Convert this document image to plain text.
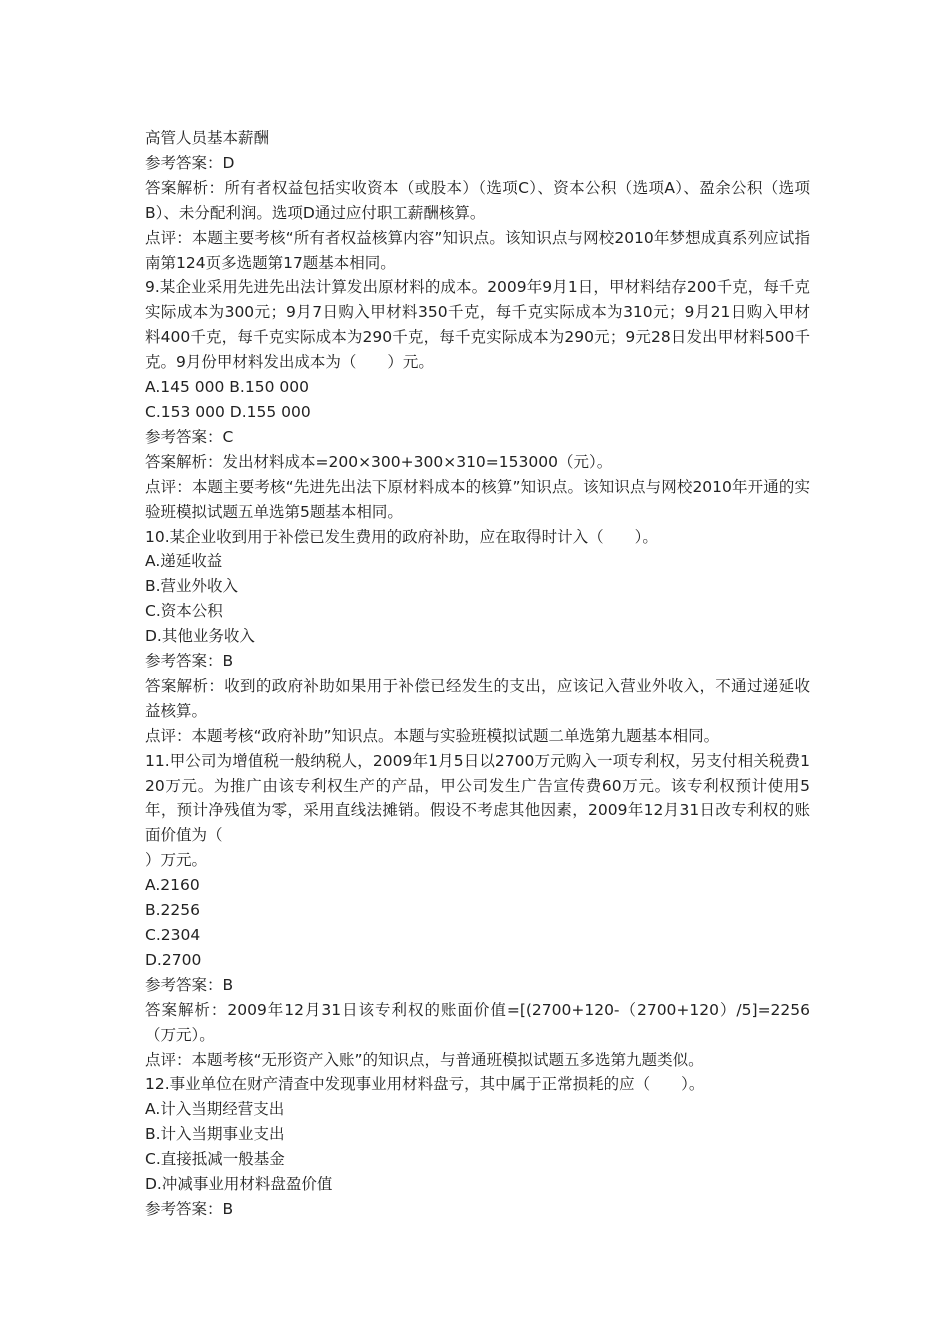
高管人员基本薪酬

参考答案：D

答案解析：所有者权益包括实收资本（或股本）（选项C）、资本公积（选项A）、盈余公积（选项B）、未分配利润。选项D通过应付职工薪酬核算。

点评：本题主要考核“所有者权益核算内容”知识点。该知识点与网校2010年梦想成真系列应试指南第124页多选题第17题基本相同。

9.某企业采用先进先出法计算发出原材料的成本。2009年9月1日，甲材料结存200千克，每千克实际成本为300元；9月7日购入甲材料350千克，每千克实际成本为310元；9月21日购入甲材料400千克，每千克实际成本为290千克，每千克实际成本为290元；9元28日发出甲材料500千克。9月份甲材料发出成本为（　　）元。

A.145 000 B.150 000

C.153 000 D.155 000

参考答案：C

答案解析：发出材料成本=200×300+300×310=153000（元）。

点评：本题主要考核“先进先出法下原材料成本的核算”知识点。该知识点与网校2010年开通的实验班模拟试题五单选第5题基本相同。

10.某企业收到用于补偿已发生费用的政府补助，应在取得时计入（　　）。

A.递延收益

B.营业外收入

C.资本公积

D.其他业务收入

参考答案：B

答案解析：收到的政府补助如果用于补偿已经发生的支出，应该记入营业外收入，不通过递延收益核算。

点评：本题考核“政府补助”知识点。本题与实验班模拟试题二单选第九题基本相同。

11.甲公司为增值税一般纳税人，2009年1月5日以2700万元购入一项专利权，另支付相关税费120万元。为推广由该专利权生产的产品，甲公司发生广告宣传费60万元。该专利权预计使用5年，预计净残值为零，采用直线法摊销。假设不考虑其他因素，2009年12月31日改专利权的账面价值为（

）万元。

A.2160

B.2256

C.2304

D.2700

参考答案：B

答案解析：2009年12月31日该专利权的账面价值=[(2700+120-（2700+120）/5]=2256（万元）。

点评：本题考核“无形资产入账”的知识点，与普通班模拟试题五多选第九题类似。

12.事业单位在财产清查中发现事业用材料盘亏，其中属于正常损耗的应（　　）。

A.计入当期经营支出

B.计入当期事业支出

C.直接抵减一般基金

D.冲减事业用材料盘盈价值

参考答案：B
